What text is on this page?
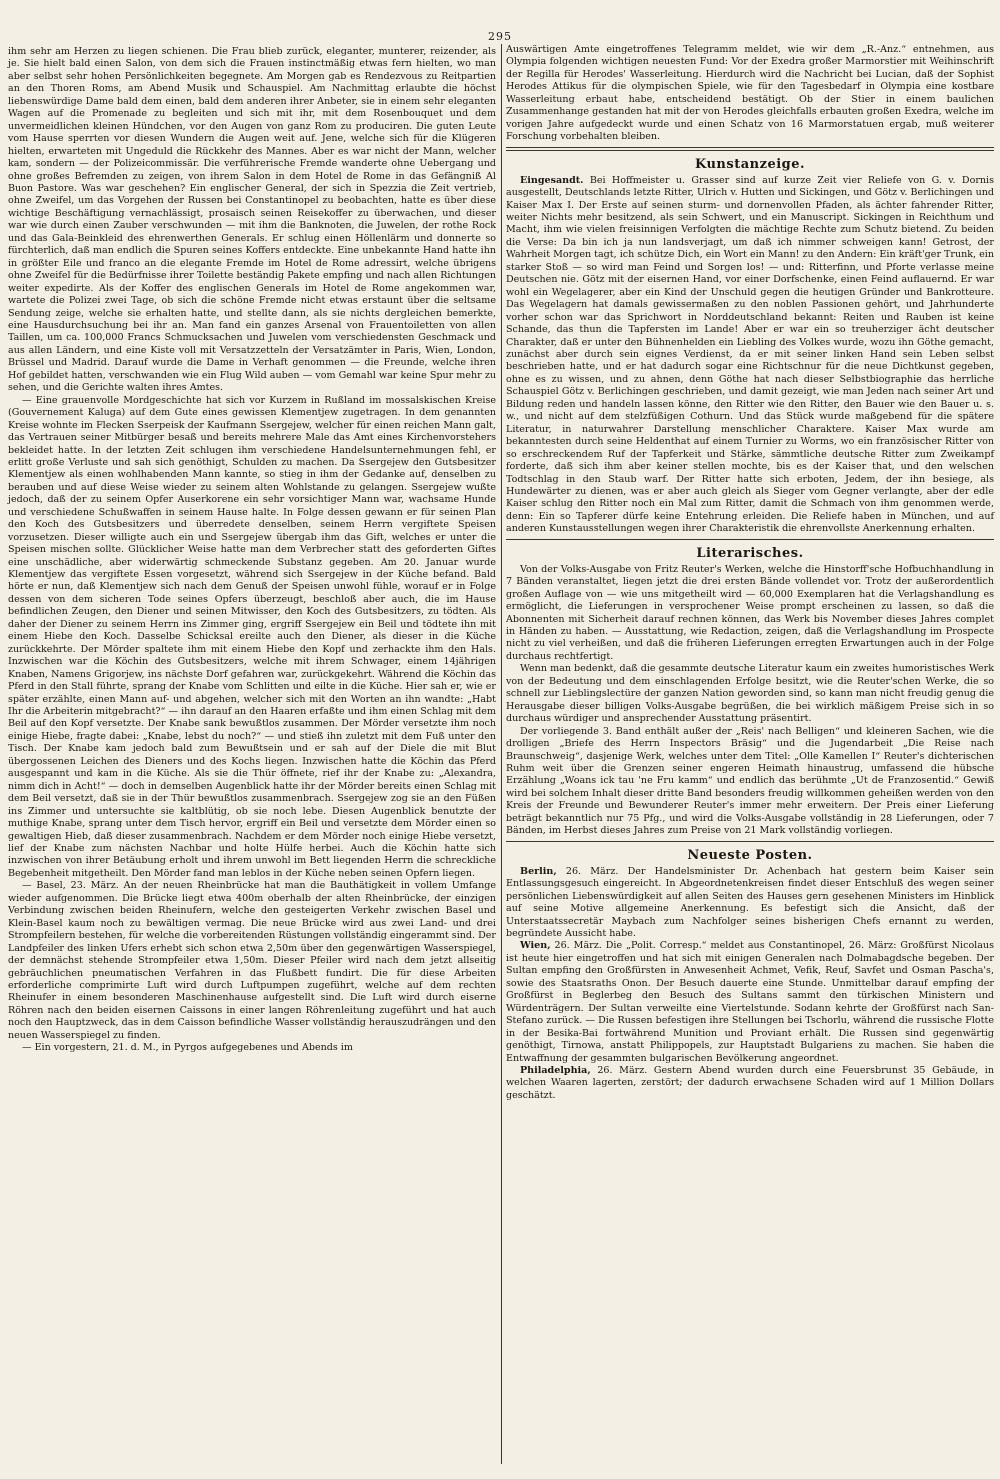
295

ihm sehr am Herzen zu liegen schienen. Die Frau blieb zurück, eleganter, munterer, reizender, als je. Sie hielt bald einen Salon, von dem sich die Frauen instinctmäßig etwas fern hielten, wo man aber selbst sehr hohen Persönlichkeiten begegnete. Am Morgen gab es Rendezvous zu Reitpartien an den Thoren Roms, am Abend Musik und Schauspiel. Am Nachmittag erlaubte die höchst liebenswürdige Dame bald dem einen, bald dem anderen ihrer Anbeter, sie in einem sehr eleganten Wagen auf die Promenade zu begleiten und sich mit ihr, mit dem Rosenbouquet und dem unvermeidlichen kleinen Hündchen, vor den Augen von ganz Rom zu produciren. Die guten Leute vom Hause sperrten vor diesen Wundern die Augen weit auf. Jene, welche sich für die Klügeren hielten, erwarteten mit Ungeduld die Rückkehr des Mannes. Aber es war nicht der Mann, welcher kam, sondern — der Polizeicommissär. Die verführerische Fremde wanderte ohne Uebergang und ohne großes Befremden zu zeigen, von ihrem Salon in dem Hotel de Rome in das Gefängniß Al Buon Pastore. Was war geschehen? Ein englischer General, der sich in Spezzia die Zeit vertrieb, ohne Zweifel, um das Vorgehen der Russen bei Constantinopel zu beobachten, hatte es über diese wichtige Beschäftigung vernachlässigt, prosaisch seinen Reisekoffer zu überwachen, und dieser war wie durch einen Zauber verschwunden — mit ihm die Banknoten, die Juwelen, der rothe Rock und das Gala-Beinkleid des ehrenwerthen Generals. Er schlug einen Höllenlärm und donnerte so fürchterlich, daß man endlich die Spuren seines Koffers entdeckte. Eine unbekannte Hand hatte ihn in größter Eile und franco an die elegante Fremde im Hotel de Rome adressirt, welche übrigens ohne Zweifel für die Bedürfnisse ihrer Toilette beständig Pakete empfing und nach allen Richtungen weiter expedirte. Als der Koffer des englischen Generals im Hotel de Rome angekommen war, wartete die Polizei zwei Tage, ob sich die schöne Fremde nicht etwas erstaunt über die seltsame Sendung zeige, welche sie erhalten hatte, und stellte dann, als sie nichts dergleichen bemerkte, eine Hausdurchsuchung bei ihr an. Man fand ein ganzes Arsenal von Frauentoiletten von allen Taillen, um ca. 100,000 Francs Schmucksachen und Juwelen vom verschiedensten Geschmack und aus allen Ländern, und eine Kiste voll mit Versatzzetteln der Versatzämter in Paris, Wien, London, Brüssel und Madrid. Darauf wurde die Dame in Verhaft genommen — die Freunde, welche ihren Hof gebildet hatten, verschwanden wie ein Flug Wild auben — vom Gemahl war keine Spur mehr zu sehen, und die Gerichte walten ihres Amtes.

— Eine grauenvolle Mordgeschichte hat sich vor Kurzem in Rußland im mossalskischen Kreise (Gouvernement Kaluga) auf dem Gute eines gewissen Klementjew zugetragen. In dem genannten Kreise wohnte im Flecken Sserpeisk der Kaufmann Ssergejew, welcher für einen reichen Mann galt, das Vertrauen seiner Mitbürger besaß und bereits mehrere Male das Amt eines Kirchenvorstehers bekleidet hatte. In der letzten Zeit schlugen ihm verschiedene Handelsunternehmungen fehl, er erlitt große Verluste und sah sich genöthigt, Schulden zu machen. Da Ssergejew den Gutsbesitzer Klementjew als einen wohlhabenden Mann kannte, so stieg in ihm der Gedanke auf, denselben zu berauben und auf diese Weise wieder zu seinem alten Wohlstande zu gelangen. Ssergejew wußte jedoch, daß der zu seinem Opfer Auserkorene ein sehr vorsichtiger Mann war, wachsame Hunde und verschiedene Schußwaffen in seinem Hause halte. In Folge dessen gewann er für seinen Plan den Koch des Gutsbesitzers und überredete denselben, seinem Herrn vergiftete Speisen vorzusetzen. Dieser willigte auch ein und Ssergejew übergab ihm das Gift, welches er unter die Speisen mischen sollte. Glücklicher Weise hatte man dem Verbrecher statt des geforderten Giftes eine unschädliche, aber widerwärtig schmeckende Substanz gegeben. Am 20. Januar wurde Klementjew das vergiftete Essen vorgesetzt, während sich Ssergejew in der Küche befand. Bald hörte er nun, daß Klementjew sich nach dem Genuß der Speisen unwohl fühle, worauf er in Folge dessen von dem sicheren Tode seines Opfers überzeugt, beschloß aber auch, die im Hause befindlichen Zeugen, den Diener und seinen Mitwisser, den Koch des Gutsbesitzers, zu tödten. Als daher der Diener zu seinem Herrn ins Zimmer ging, ergriff Ssergejew ein Beil und tödtete ihn mit einem Hiebe den Koch. Dasselbe Schicksal ereilte auch den Diener, als dieser in die Küche zurückkehrte. Der Mörder spaltete ihm mit einem Hiebe den Kopf und zerhackte ihm den Hals. Inzwischen war die Köchin des Gutsbesitzers, welche mit ihrem Schwager, einem 14jährigen Knaben, Namens Grigorjew, ins nächste Dorf gefahren war, zurückgekehrt. Während die Köchin das Pferd in den Stall führte, sprang der Knabe vom Schlitten und eilte in die Küche. Hier sah er, wie er später erzählte, einen Mann auf- und abgehen, welcher sich mit den Worten an ihn wandte: „Habt Ihr die Arbeiterin mitgebracht?“ — ihn darauf an den Haaren erfaßte und ihm einen Schlag mit dem Beil auf den Kopf versetzte. Der Knabe sank bewußtlos zusammen. Der Mörder versetzte ihm noch einige Hiebe, fragte dabei: „Knabe, lebst du noch?“ — und stieß ihn zuletzt mit dem Fuß unter den Tisch. Der Knabe kam jedoch bald zum Bewußtsein und er sah auf der Diele die mit Blut übergossenen Leichen des Dieners und des Kochs liegen. Inzwischen hatte die Köchin das Pferd ausgespannt und kam in die Küche. Als sie die Thür öffnete, rief ihr der Knabe zu: „Alexandra, nimm dich in Acht!“ — doch in demselben Augenblick hatte ihr der Mörder bereits einen Schlag mit dem Beil versetzt, daß sie in der Thür bewußtlos zusammenbrach. Ssergejew zog sie an den Füßen ins Zimmer und untersuchte sie kaltblütig, ob sie noch lebe. Diesen Augenblick benutzte der muthige Knabe, sprang unter dem Tisch hervor, ergriff ein Beil und versetzte dem Mörder einen so gewaltigen Hieb, daß dieser zusammenbrach. Nachdem er dem Mörder noch einige Hiebe versetzt, lief der Knabe zum nächsten Nachbar und holte Hülfe herbei. Auch die Köchin hatte sich inzwischen von ihrer Betäubung erholt und ihrem unwohl im Bett liegenden Herrn die schreckliche Begebenheit mitgetheilt. Den Mörder fand man leblos in der Küche neben seinen Opfern liegen.

— Basel, 23. März. An der neuen Rheinbrücke hat man die Bauthätigkeit in vollem Umfange wieder aufgenommen. Die Brücke liegt etwa 400m oberhalb der alten Rheinbrücke, der einzigen Verbindung zwischen beiden Rheinufern, welche den gesteigerten Verkehr zwischen Basel und Klein-Basel kaum noch zu bewältigen vermag. Die neue Brücke wird aus zwei Land- und drei Strompfeilern bestehen, für welche die vorbereitenden Rüstungen vollständig eingerammt sind. Der Landpfeiler des linken Ufers erhebt sich schon etwa 2,50m über den gegenwärtigen Wasserspiegel, der demnächst stehende Strompfeiler etwa 1,50m. Dieser Pfeiler wird nach dem jetzt allseitig gebräuchlichen pneumatischen Verfahren in das Flußbett fundirt. Die für diese Arbeiten erforderliche comprimirte Luft wird durch Luftpumpen zugeführt, welche auf dem rechten Rheinufer in einem besonderen Maschinenhause aufgestellt sind. Die Luft wird durch eiserne Röhren nach den beiden eisernen Caissons in einer langen Röhrenleitung zugeführt und hat auch noch den Hauptzweck, das in dem Caisson befindliche Wasser vollständig herauszudrängen und den neuen Wasserspiegel zu finden.

— Ein vorgestern, 21. d. M., in Pyrgos aufgegebenes und Abends im

Auswärtigen Amte eingetroffenes Telegramm meldet, wie wir dem „R.-Anz.“ entnehmen, aus Olympia folgenden wichtigen neuesten Fund: Vor der Exedra großer Marmorstier mit Weihinschrift der Regilla für Herodes' Wasserleitung. Hierdurch wird die Nachricht bei Lucian, daß der Sophist Herodes Attikus für die olympischen Spiele, wie für den Tagesbedarf in Olympia eine kostbare Wasserleitung erbaut habe, entscheidend bestätigt. Ob der Stier in einem baulichen Zusammenhange gestanden hat mit der von Herodes gleichfalls erbauten großen Exedra, welche im vorigen Jahre aufgedeckt wurde und einen Schatz von 16 Marmorstatuen ergab, muß weiterer Forschung vorbehalten bleiben.

Kunstanzeige.

Eingesandt. Bei Hoffmeister u. Grasser sind auf kurze Zeit vier Reliefe von G. v. Dornis ausgestellt, Deutschlands letzte Ritter, Ulrich v. Hutten und Sickingen, und Götz v. Berlichingen und Kaiser Max I. Der Erste auf seinen sturm- und dornenvollen Pfaden, als ächter fahrender Ritter, weiter Nichts mehr besitzend, als sein Schwert, und ein Manuscript. Sickingen in Reichthum und Macht, ihm wie vielen freisinnigen Verfolgten die mächtige Rechte zum Schutz bietend. Zu beiden die Verse: Da bin ich ja nun landsverjagt, um daß ich nimmer schweigen kann! Getrost, der Wahrheit Morgen tagt, ich schütze Dich, ein Wort ein Mann! zu den Andern: Ein kräft'ger Trunk, ein starker Stoß — so wird man Feind und Sorgen los! — und: Ritterfinn, und Pforte verlasse meine Deutschen nie. Götz mit der eisernen Hand, vor einer Dorfschenke, einen Feind auflauernd. Er war wohl ein Wegelagerer, aber ein Kind der Unschuld gegen die heutigen Gründer und Bankrotteure. Das Wegelagern hat damals gewissermaßen zu den noblen Passionen gehört, und Jahrhunderte vorher schon war das Sprichwort in Norddeutschland bekannt: Reiten und Rauben ist keine Schande, das thun die Tapfersten im Lande! Aber er war ein so treuherziger ächt deutscher Charakter, daß er unter den Bühnenhelden ein Liebling des Volkes wurde, wozu ihn Göthe gemacht, zunächst aber durch sein eignes Verdienst, da er mit seiner linken Hand sein Leben selbst beschrieben hatte, und er hat dadurch sogar eine Richtschnur für die neue Dichtkunst gegeben, ohne es zu wissen, und zu ahnen, denn Göthe hat nach dieser Selbstbiographie das herrliche Schauspiel Götz v. Berlichingen geschrieben, und damit gezeigt, wie man Jeden nach seiner Art und Bildung reden und handeln lassen könne, den Ritter wie den Ritter, den Bauer wie den Bauer u. s. w., und nicht auf dem stelzfüßigen Cothurn. Und das Stück wurde maßgebend für die spätere Literatur, in naturwahrer Darstellung menschlicher Charaktere. Kaiser Max wurde am bekanntesten durch seine Heldenthat auf einem Turnier zu Worms, wo ein französischer Ritter von so erschreckendem Ruf der Tapferkeit und Stärke, sämmtliche deutsche Ritter zum Zweikampf forderte, daß sich ihm aber keiner stellen mochte, bis es der Kaiser that, und den welschen Todtschlag in den Staub warf. Der Ritter hatte sich erboten, Jedem, der ihn besiege, als Hundewärter zu dienen, was er aber auch gleich als Sieger vom Gegner verlangte, aber der edle Kaiser schlug den Ritter noch ein Mal zum Ritter, damit die Schmach von ihm genommen werde, denn: Ein so Tapferer dürfe keine Entehrung erleiden. Die Reliefe haben in München, und auf anderen Kunstausstellungen wegen ihrer Charakteristik die ehrenvollste Anerkennung erhalten.

Literarisches.

Von der Volks-Ausgabe von Fritz Reuter's Werken, welche die Hinstorff'sche Hofbuchhandlung in 7 Bänden veranstaltet, liegen jetzt die drei ersten Bände vollendet vor. Trotz der außerordentlich großen Auflage von — wie uns mitgetheilt wird — 60,000 Exemplaren hat die Verlagshandlung es ermöglicht, die Lieferungen in versprochener Weise prompt erscheinen zu lassen, so daß die Abonnenten mit Sicherheit darauf rechnen können, das Werk bis November dieses Jahres complet in Händen zu haben. — Ausstattung, wie Redaction, zeigen, daß die Verlagshandlung im Prospecte nicht zu viel verheißen, und daß die früheren Lieferungen erregten Erwartungen auch in der Folge durchaus rechtfertigt.

Wenn man bedenkt, daß die gesammte deutsche Literatur kaum ein zweites humoristisches Werk von der Bedeutung und dem einschlagenden Erfolge besitzt, wie die Reuter'schen Werke, die so schnell zur Lieblingslectüre der ganzen Nation geworden sind, so kann man nicht freudig genug die Herausgabe dieser billigen Volks-Ausgabe begrüßen, die bei wirklich mäßigem Preise sich in so durchaus würdiger und ansprechender Ausstattung präsentirt.

Der vorliegende 3. Band enthält außer der „Reis' nach Belligen“ und kleineren Sachen, wie die drolligen „Briefe des Herrn Inspectors Bräsig“ und die Jugendarbeit „Die Reise nach Braunschweig“, dasjenige Werk, welches unter dem Titel: „Olle Kamellen I“ Reuter's dichterischen Ruhm weit über die Grenzen seiner engeren Heimath hinaustrug, umfassend die hübsche Erzählung „Woans ick tau 'ne Fru kamm“ und endlich das berühmte „Ut de Franzosentid.“ Gewiß wird bei solchem Inhalt dieser dritte Band besonders freudig willkommen geheißen werden von den Kreis der Freunde und Bewunderer Reuter's immer mehr erweitern. Der Preis einer Lieferung beträgt bekanntlich nur 75 Pfg., und wird die Volks-Ausgabe vollständig in 28 Lieferungen, oder 7 Bänden, im Herbst dieses Jahres zum Preise von 21 Mark vollständig vorliegen.

Neueste Posten.

Berlin, 26. März. Der Handelsminister Dr. Achenbach hat gestern beim Kaiser sein Entlassungsgesuch eingereicht. In Abgeordnetenkreisen findet dieser Entschluß des wegen seiner persönlichen Liebenswürdigkeit auf allen Seiten des Hauses gern gesehenen Ministers im Hinblick auf seine Motive allgemeine Anerkennung. Es befestigt sich die Ansicht, daß der Unterstaatssecretär Maybach zum Nachfolger seines bisherigen Chefs ernannt zu werden, begründete Aussicht habe.

Wien, 26. März. Die „Polit. Corresp.“ meldet aus Constantinopel, 26. März: Großfürst Nicolaus ist heute hier eingetroffen und hat sich mit einigen Generalen nach Dolmabagdsche begeben. Der Sultan empfing den Großfürsten in Anwesenheit Achmet, Vefik, Reuf, Savfet und Osman Pascha's, sowie des Staatsraths Onon. Der Besuch dauerte eine Stunde. Unmittelbar darauf empfing der Großfürst in Beglerbeg den Besuch des Sultans sammt den türkischen Ministern und Würdenträgern. Der Sultan verweilte eine Viertelstunde. Sodann kehrte der Großfürst nach San-Stefano zurück. — Die Russen befestigen ihre Stellungen bei Tschorlu, während die russische Flotte in der Besika-Bai fortwährend Munition und Proviant erhält. Die Russen sind gegenwärtig genöthigt, Tirnowa, anstatt Philippopels, zur Hauptstadt Bulgariens zu machen. Sie haben die Entwaffnung der gesammten bulgarischen Bevölkerung angeordnet.

Philadelphia, 26. März. Gestern Abend wurden durch eine Feuersbrunst 35 Gebäude, in welchen Waaren lagerten, zerstört; der dadurch erwachsene Schaden wird auf 1 Million Dollars geschätzt.
